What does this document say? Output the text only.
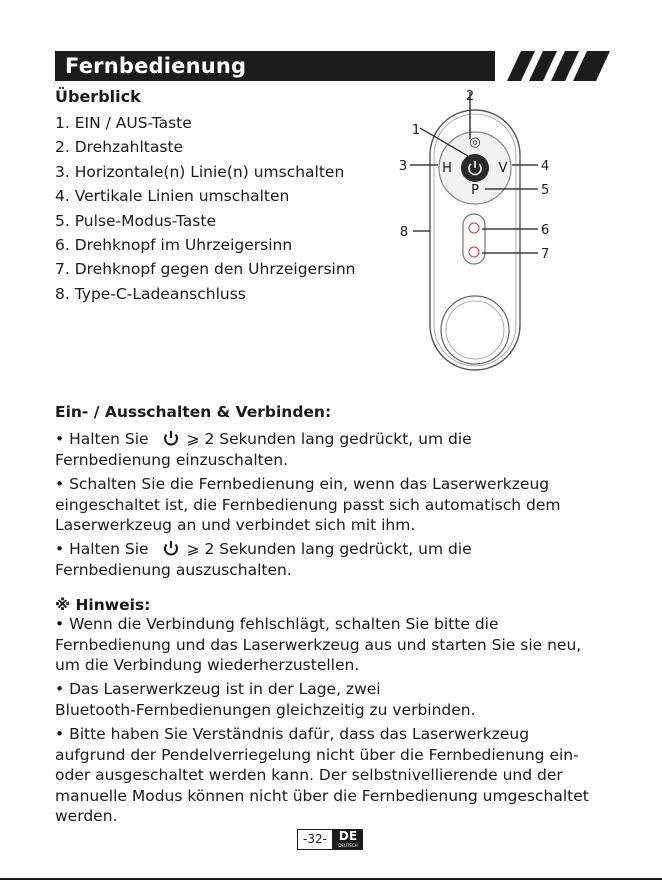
Fernbedienung
Überblick
1. EIN / AUS-Taste
2. Drehzahltaste
3. Horizontale(n) Linie(n) umschalten
4. Vertikale Linien umschalten
5. Pulse-Modus-Taste
6. Drehknopf im Uhrzeigersinn
7. Drehknopf gegen den Uhrzeigersinn
8. Type-C-Ladeanschluss
◎
H	V
P
2
1
3	4
5
6
7
8
Ein- / Ausschalten & Verbinden:
• Halten Sie ⩾ 2 Sekunden lang gedrückt, um die
Fernbedienung einzuschalten.
• Schalten Sie die Fernbedienung ein, wenn das Laserwerkzeug eingeschaltet ist, die Fernbedienung passt sich automatisch dem Laserwerkzeug an und verbindet sich mit ihm.
• Halten Sie ⩾ 2 Sekunden lang gedrückt, um die
Fernbedienung auszuschalten.
※ Hinweis:
• Wenn die Verbindung fehlschlägt, schalten Sie bitte die Fernbedienung und das Laserwerkzeug aus und starten Sie sie neu, um die Verbindung wiederherzustellen.
• Das Laserwerkzeug ist in der Lage, zwei
Bluetooth-Fernbedienungen gleichzeitig zu verbinden.
• Bitte haben Sie Verständnis dafür, dass das Laserwerkzeug aufgrund der Pendelverriegelung nicht über die Fernbedienung ein- oder ausgeschaltet werden kann. Der selbstnivellierende und der manuelle Modus können nicht über die Fernbedienung umgeschaltet werden.
-32- DE
DEUTSCH
